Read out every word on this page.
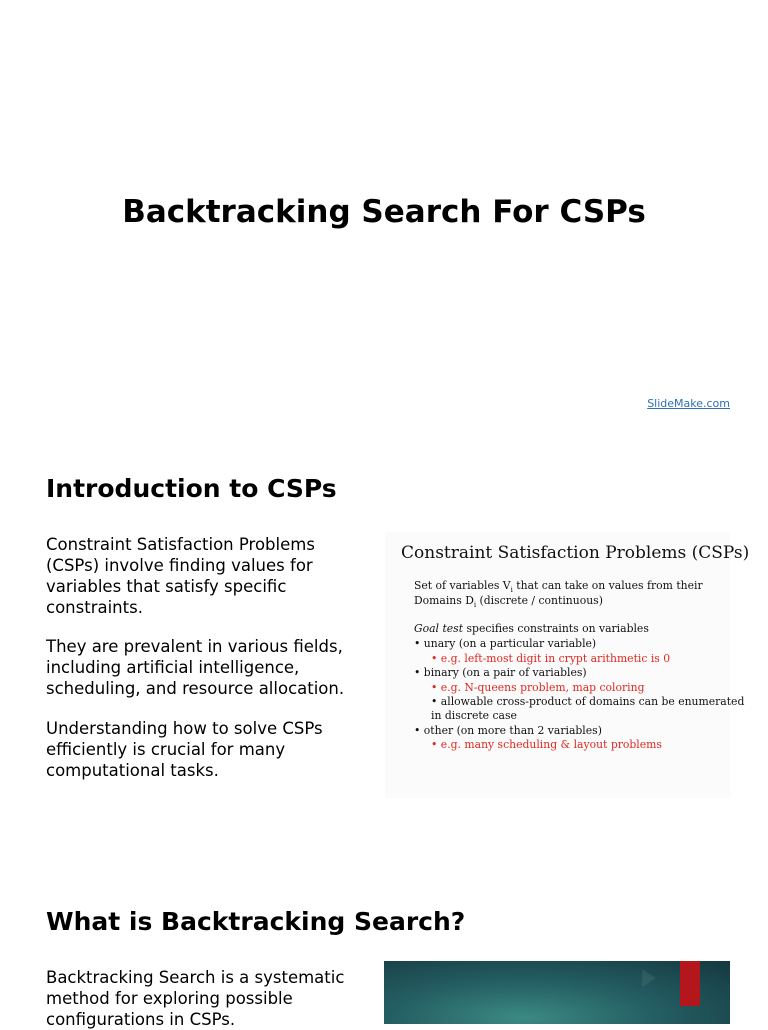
Backtracking Search For CSPs
SlideMake.com
Introduction to CSPs

Constraint Satisfaction Problems (CSPs) involve finding values for variables that satisfy specific constraints.

They are prevalent in various fields, including artificial intelligence, scheduling, and resource allocation.

Understanding how to solve CSPs efficiently is crucial for many computational tasks.

Constraint Satisfaction Problems (CSPs)
Set of variables $V_i$ that can take on values from their
Domains $D_i$ (discrete / continuous)
Goal test specifies constraints on variables
• unary (on a particular variable)
• e.g. left-most digit in crypt arithmetic is 0
• binary (on a pair of variables)
• e.g. N-queens problem, map coloring
• allowable cross-product of domains can be enumerated
in discrete case
• other (on more than 2 variables)
• e.g. many scheduling & layout problems
What is Backtracking Search?

Backtracking Search is a systematic method for exploring possible configurations in CSPs.
